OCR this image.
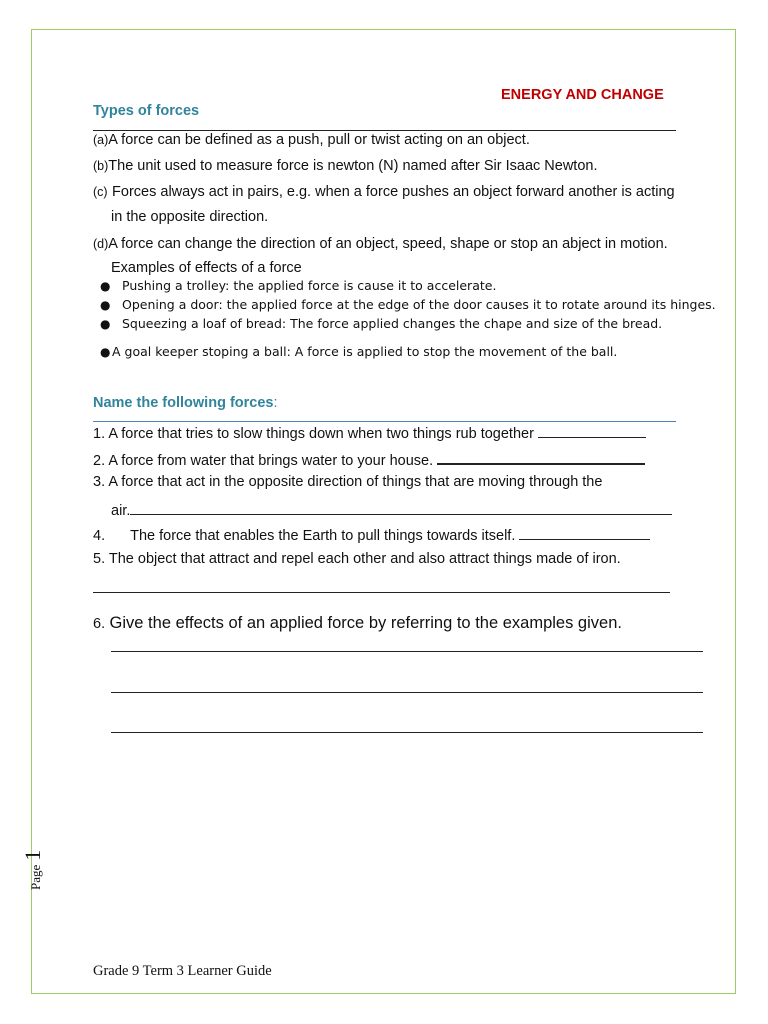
ENERGY AND CHANGE
Types of forces
(a)A force can be defined as a push, pull or twist acting on an object.
(b)The unit used to measure force is newton (N) named after Sir Isaac Newton.
(c) Forces always act in pairs, e.g. when a force pushes an object forward another is acting
in the opposite direction.
(d)A force can change the direction of an object, speed, shape or stop an abject in motion.
Examples of effects of a force
● Pushing a trolley: the applied force is cause it to accelerate.
● Opening a door: the applied force at the edge of the door causes it to rotate around its hinges.
● Squeezing a loaf of bread: The force applied changes the chape and size of the bread.
● A goal keeper stoping a ball: A force is applied to stop the movement of the ball.
Name the following forces:
1. A force that tries to slow things down when two things rub together
2. A force from water that brings water to your house.
3. A force that act in the opposite direction of things that are moving through the
air.
4. The force that enables the Earth to pull things towards itself.
5. The object that attract and repel each other and also attract things made of iron.
6. Give the effects of an applied force by referring to the examples given.
Page 1
Grade 9 Term 3 Learner Guide
